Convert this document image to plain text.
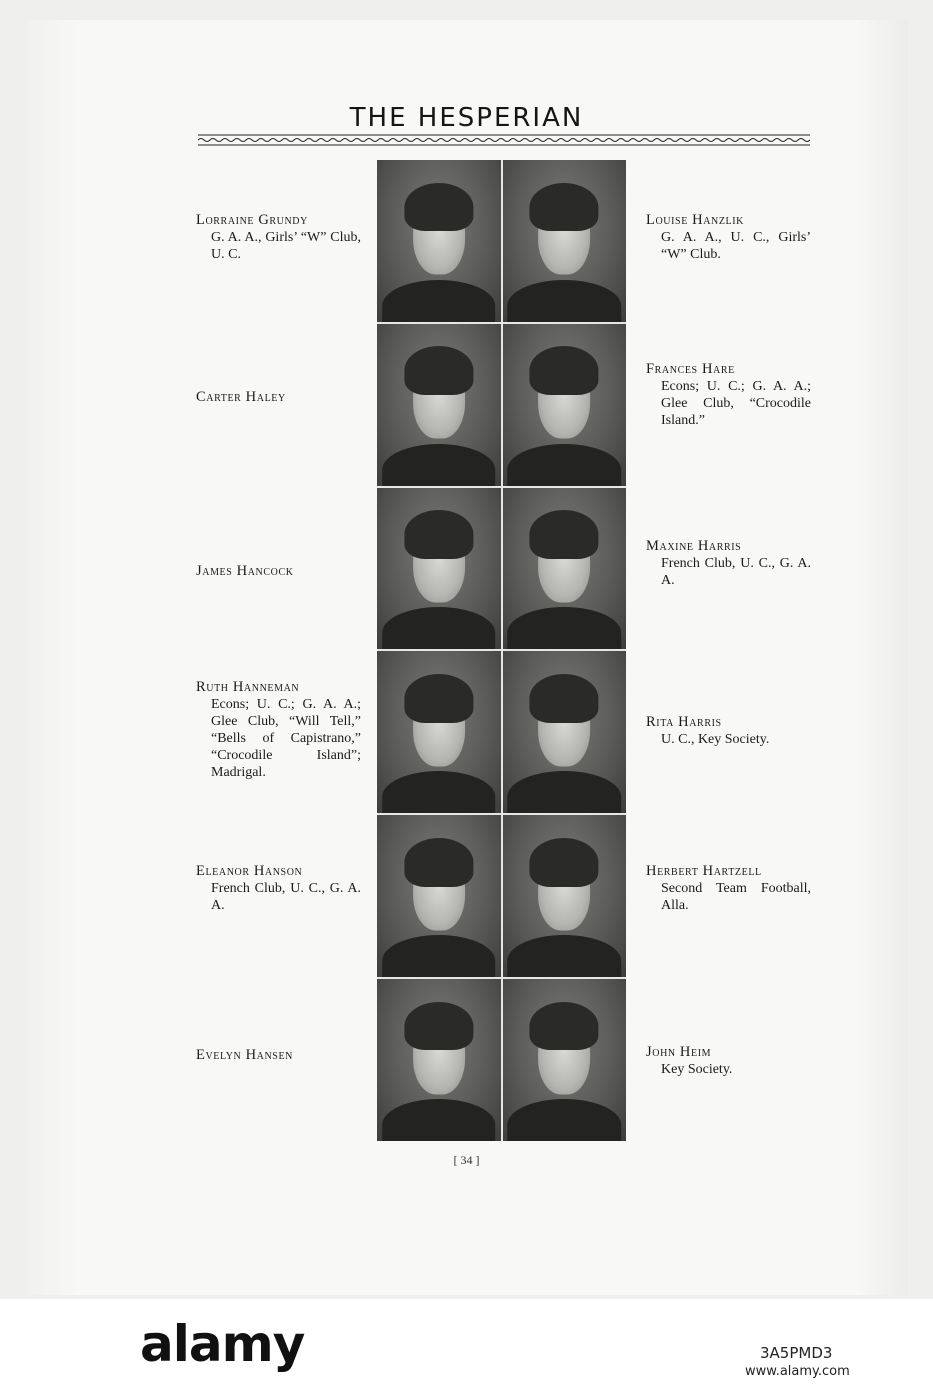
THE HESPERIAN
Lorraine Grundy
G. A. A., Girls’ “W” Club, U. C.
Carter Haley
James Hancock
Ruth Hanneman
Econs; U. C.; G. A. A.; Glee Club, “Will Tell,” “Bells of Capistrano,” “Crocodile Island”; Madrigal.
Eleanor Hanson
French Club, U. C., G. A. A.
Evelyn Hansen
Louise Hanzlik
G. A. A., U. C., Girls’ “W” Club.
Frances Hare
Econs; U. C.; G. A. A.; Glee Club, “Crocodile Island.”
Maxine Harris
French Club, U. C., G. A. A.
Rita Harris
U. C., Key Society.
Herbert Hartzell
Second Team Football, Alla.
John Heim
Key Society.
[ 34 ]
alamy	3A5PMD3
www.alamy.com
